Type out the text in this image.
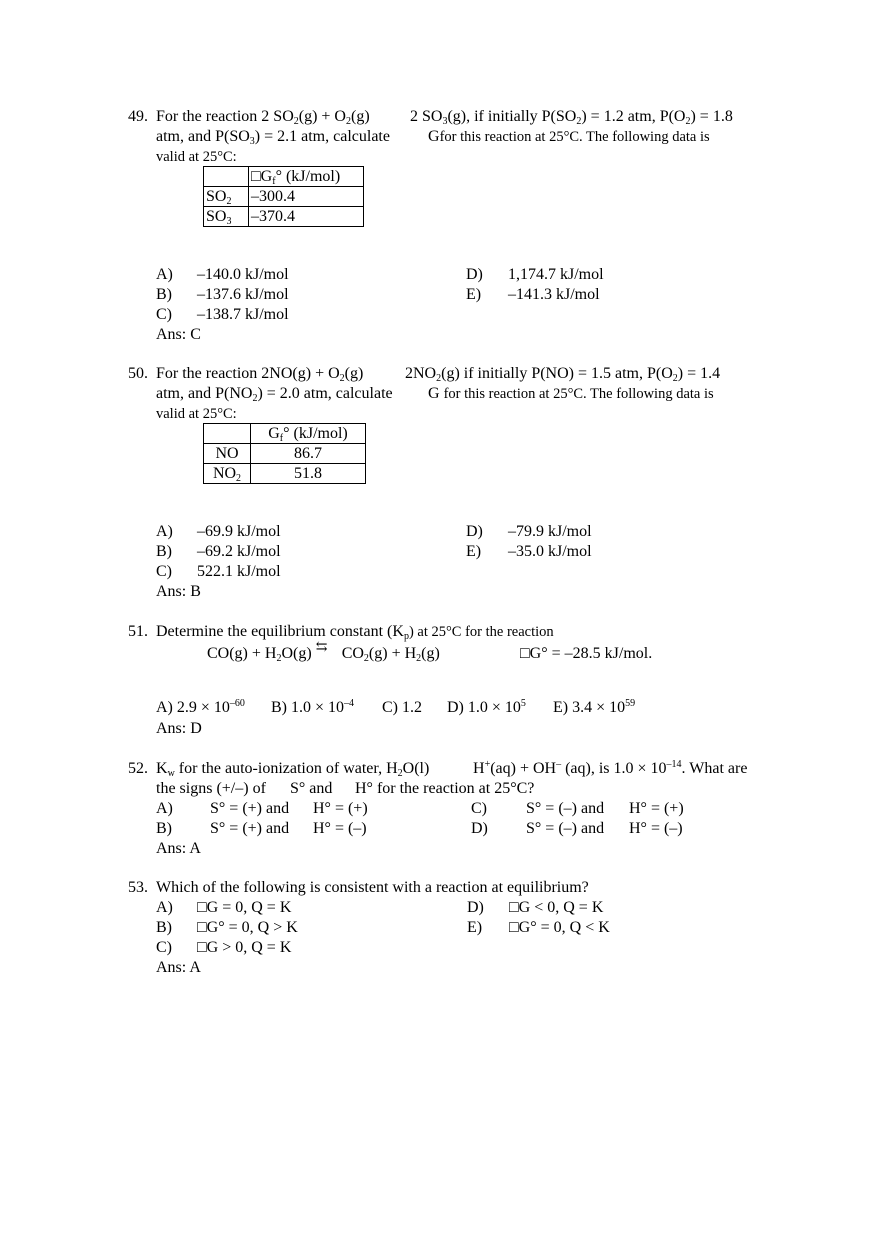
49. For the reaction 2 $SO_2(g) + O_2(g)$	2 $SO_3(g)$, if initially $P(SO_2) = 1.2$ atm, $P(O_2) = 1.8$
atm, and $P(SO_3) = 2.1$ atm, calculate Gfor this reaction at 25°C. The following data is
valid at 25°C:
	$□G_f^\circ$ (kJ/mol)
$SO_2$	–300.4
$SO_3$	–370.4
A) –140.0 kJ/mol
B) –137.6 kJ/mol
C) –138.7 kJ/mol
D) 1,174.7 kJ/mol
E) –141.3 kJ/mol
Ans: C
50. For the reaction $2NO(g) + O_2(g)$	$2NO_2(g)$ if initially P(NO) = 1.5 atm, $P(O_2) = 1.4$
atm, and $P(NO_2) = 2.0$ atm, calculate G for this reaction at 25°C. The following data is
valid at 25°C:
	$G_f^\circ$ (kJ/mol)
NO	86.7
$NO_2$	51.8
A) –69.9 kJ/mol
B) –69.2 kJ/mol
C) 522.1 kJ/mol
D) –79.9 kJ/mol
E) –35.0 kJ/mol
Ans: B
51. Determine the equilibrium constant $(K_p)$ at 25°C for the reaction
$CO(g) + H_2O(g)$ ⇆ $CO_2(g) + H_2(g)$	□G° = –28.5 kJ/mol.
A) $2.9 \times 10^{-60}$ B) $1.0 \times 10^{-4}$ C) 1.2 D) $1.0 \times 10^5$ E) $3.4 \times 10^{59}$
Ans: D
52. $K_w$ for the auto-ionization of water, $H_2O(l)$	H+(aq) + OH– (aq), is $1.0 \times 10^{-14}$. What are
the signs (+/–) of S° and H° for the reaction at 25°C?
A) S° = (+) and H° = (+)
B) S° = (+) and H° = (–)
C) S° = (–) and H° = (+)
D) S° = (–) and H° = (–)
Ans: A
53. Which of the following is consistent with a reaction at equilibrium?
A) □G = 0, Q = K
B) □G° = 0, Q > K
C) □G > 0, Q = K
D) □G < 0, Q = K
E) □G° = 0, Q < K
Ans: A
